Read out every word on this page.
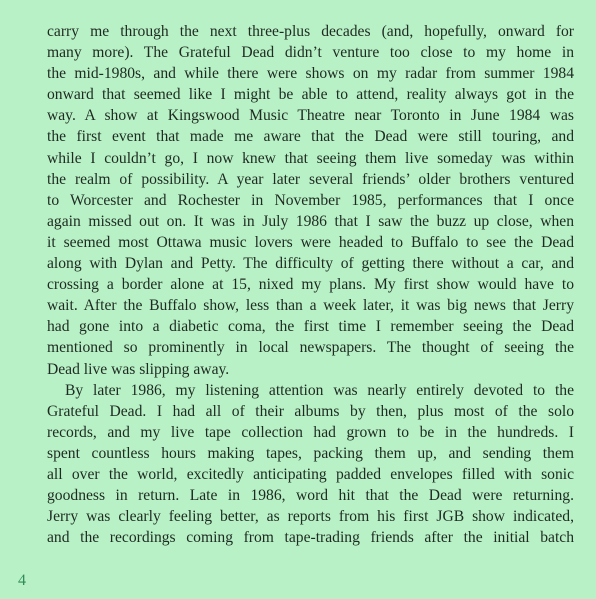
carry me through the next three-plus decades (and, hopefully, onward for
many more). The Grateful Dead didn’t venture too close to my home in
the mid-1980s, and while there were shows on my radar from summer 1984
onward that seemed like I might be able to attend, reality always got in the
way. A show at Kingswood Music Theatre near Toronto in June 1984 was
the first event that made me aware that the Dead were still touring, and
while I couldn’t go, I now knew that seeing them live someday was within
the realm of possibility. A year later several friends’ older brothers ventured
to Worcester and Rochester in November 1985, performances that I once
again missed out on. It was in July 1986 that I saw the buzz up close, when
it seemed most Ottawa music lovers were headed to Buffalo to see the Dead
along with Dylan and Petty. The difficulty of getting there without a car, and
crossing a border alone at 15, nixed my plans. My first show would have to
wait. After the Buffalo show, less than a week later, it was big news that Jerry
had gone into a diabetic coma, the first time I remember seeing the Dead
mentioned so prominently in local newspapers. The thought of seeing the
Dead live was slipping away.
By later 1986, my listening attention was nearly entirely devoted to the
Grateful Dead. I had all of their albums by then, plus most of the solo
records, and my live tape collection had grown to be in the hundreds. I
spent countless hours making tapes, packing them up, and sending them
all over the world, excitedly anticipating padded envelopes filled with sonic
goodness in return. Late in 1986, word hit that the Dead were returning.
Jerry was clearly feeling better, as reports from his first JGB show indicated,
and the recordings coming from tape-trading friends after the initial batch
4
